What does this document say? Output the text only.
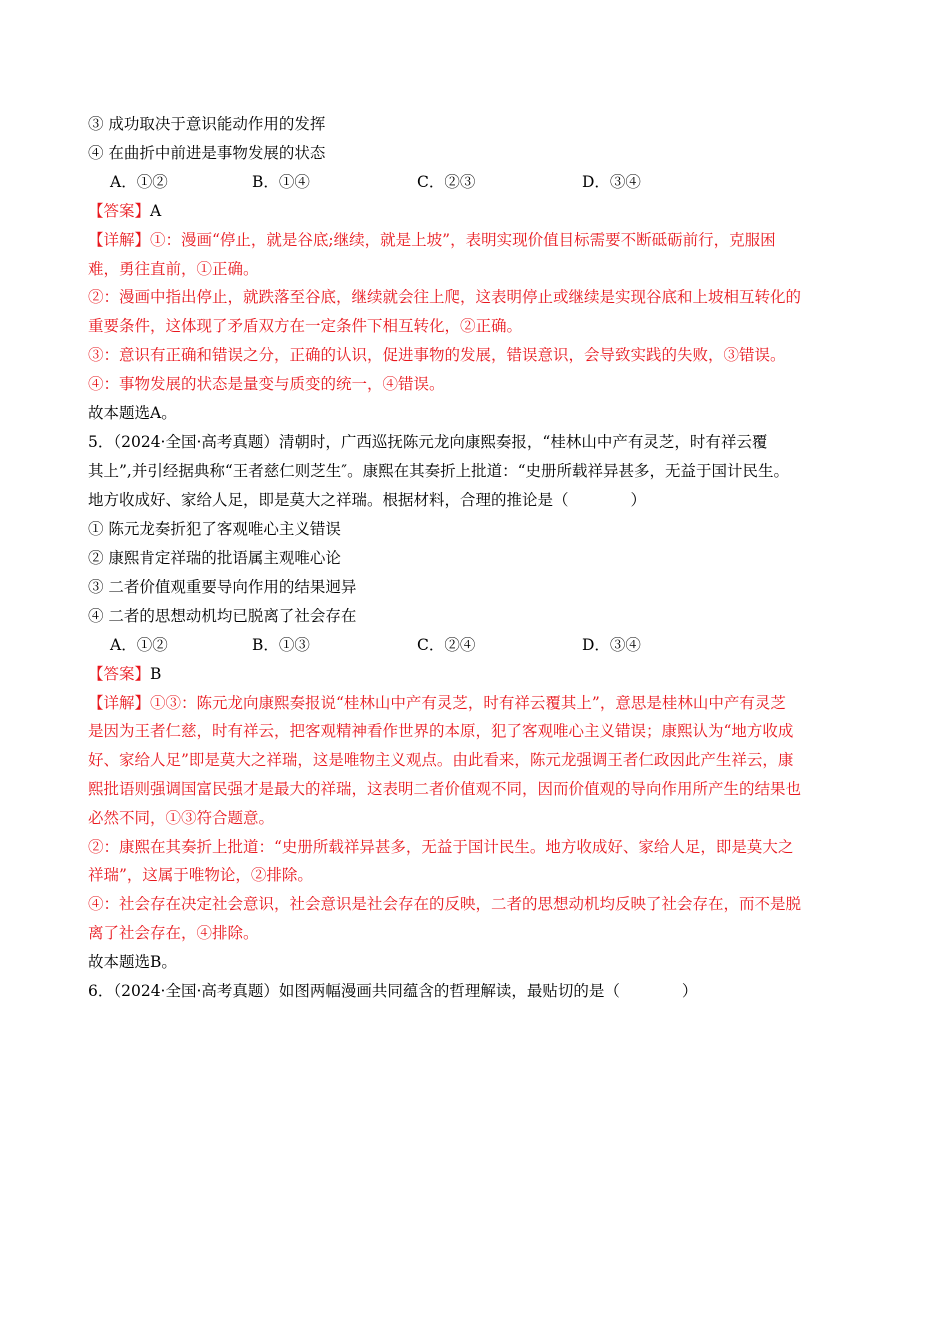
③ 成功取决于意识能动作用的发挥
④ 在曲折中前进是事物发展的状态
A．①②	B．①④	C．②③	D．③④
【答案】A
【详解】①：漫画“停止，就是谷底;继续，就是上坡”，表明实现价值目标需要不断砥砺前行，克服困
难，勇往直前，①正确。
②：漫画中指出停止，就跌落至谷底，继续就会往上爬，这表明停止或继续是实现谷底和上坡相互转化的
重要条件，这体现了矛盾双方在一定条件下相互转化，②正确。
③：意识有正确和错误之分，正确的认识，促进事物的发展，错误意识，会导致实践的失败，③错误。
④：事物发展的状态是量变与质变的统一，④错误。
故本题选A。
5．（2024·全国·高考真题）清朝时，广西巡抚陈元龙向康熙奏报，“桂林山中产有灵芝，时有祥云覆
其上”,并引经据典称“王者慈仁则芝生″。康熙在其奏折上批道：“史册所载祥异甚多，无益于国计民生。
地方收成好、家给人足，即是莫大之祥瑞。根据材料，合理的推论是（　　　　）
① 陈元龙奏折犯了客观唯心主义错误
② 康熙肯定祥瑞的批语属主观唯心论
③ 二者价值观重要导向作用的结果迥异
④ 二者的思想动机均已脱离了社会存在
A．①②	B．①③	C．②④	D．③④
【答案】B
【详解】①③：陈元龙向康熙奏报说“桂林山中产有灵芝，时有祥云覆其上”，意思是桂林山中产有灵芝
是因为王者仁慈，时有祥云，把客观精神看作世界的本原，犯了客观唯心主义错误；康熙认为“地方收成
好、家给人足”即是莫大之祥瑞，这是唯物主义观点。由此看来，陈元龙强调王者仁政因此产生祥云，康
熙批语则强调国富民强才是最大的祥瑞，这表明二者价值观不同，因而价值观的导向作用所产生的结果也
必然不同，①③符合题意。
②：康熙在其奏折上批道：“史册所载祥异甚多，无益于国计民生。地方收成好、家给人足，即是莫大之
祥瑞”，这属于唯物论，②排除。
④：社会存在决定社会意识，社会意识是社会存在的反映，二者的思想动机均反映了社会存在，而不是脱
离了社会存在，④排除。
故本题选B。
6．（2024·全国·高考真题）如图两幅漫画共同蕴含的哲理解读，最贴切的是（　　　　）
